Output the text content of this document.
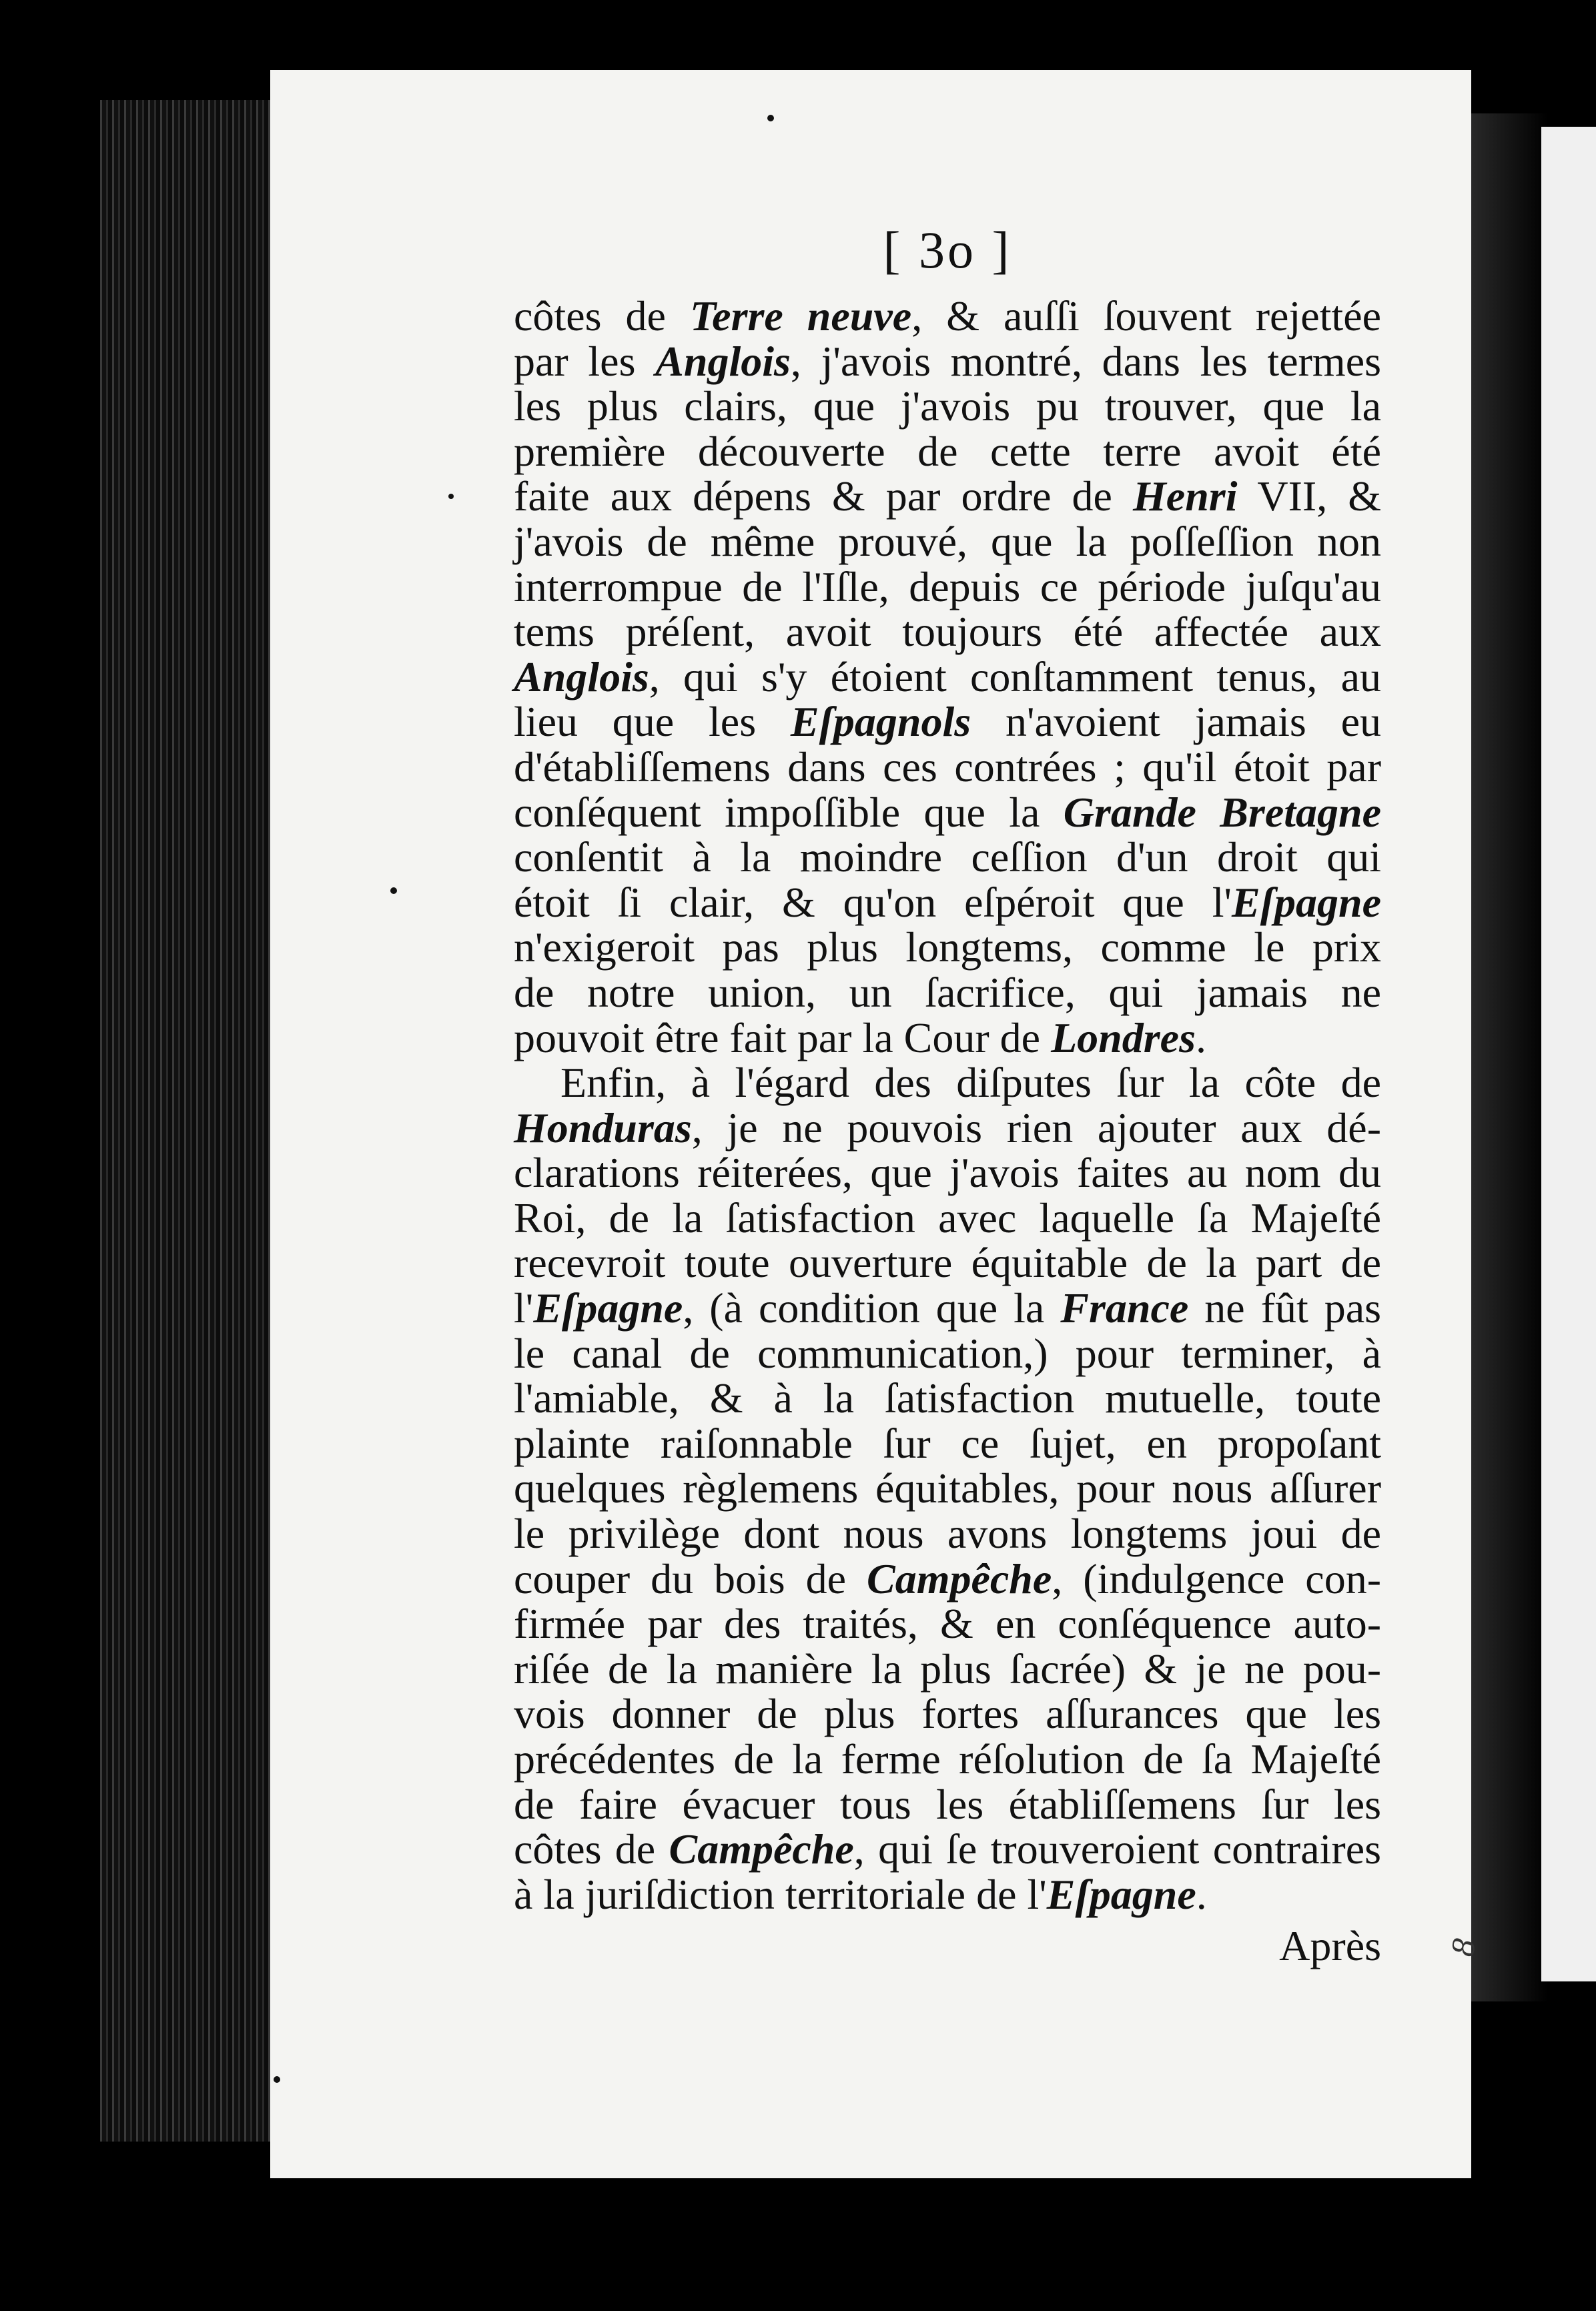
[ 3o ]
côtes de Terre neuve, & auſſi ſouvent rejettée
par les Anglois, j'avois montré, dans les termes
les plus clairs, que j'avois pu trouver, que la
première découverte de cette terre avoit été
faite aux dépens & par ordre de Henri VII, &
j'avois de même prouvé, que la poſſeſſion non
interrompue de l'Iſle, depuis ce période juſqu'au
tems préſent, avoit toujours été affectée aux
Anglois, qui s'y étoient conſtamment tenus, au
lieu que les Eſpagnols n'avoient jamais eu
d'établiſſemens dans ces contrées ; qu'il étoit par
conſéquent impoſſible que la Grande Bretagne
conſentit à la moindre ceſſion d'un droit qui
étoit ſi clair, & qu'on eſpéroit que l'Eſpagne
n'exigeroit pas plus longtems, comme le prix
de notre union, un ſacrifice, qui jamais ne
pouvoit être fait par la Cour de Londres.
Enfin, à l'égard des diſputes ſur la côte de
Honduras, je ne pouvois rien ajouter aux dé-
clarations réiterées, que j'avois faites au nom du
Roi, de la ſatisfaction avec laquelle ſa Majeſté
recevroit toute ouverture équitable de la part de
l'Eſpagne, (à condition que la France ne fût pas
le canal de communication,) pour terminer, à
l'amiable, & à la ſatisfaction mutuelle, toute
plainte raiſonnable ſur ce ſujet, en propoſant
quelques règlemens équitables, pour nous aſſurer
le privilège dont nous avons longtems joui de
couper du bois de Campêche, (indulgence con-
firmée par des traités, & en conſéquence auto-
riſée de la manière la plus ſacrée) & je ne pou-
vois donner de plus fortes aſſurances que les
précédentes de la ferme réſolution de ſa Majeſté
de faire évacuer tous les établiſſemens ſur les
côtes de Campêche, qui ſe trouveroient contraires
à la juriſdiction territoriale de l'Eſpagne.
Après 8
